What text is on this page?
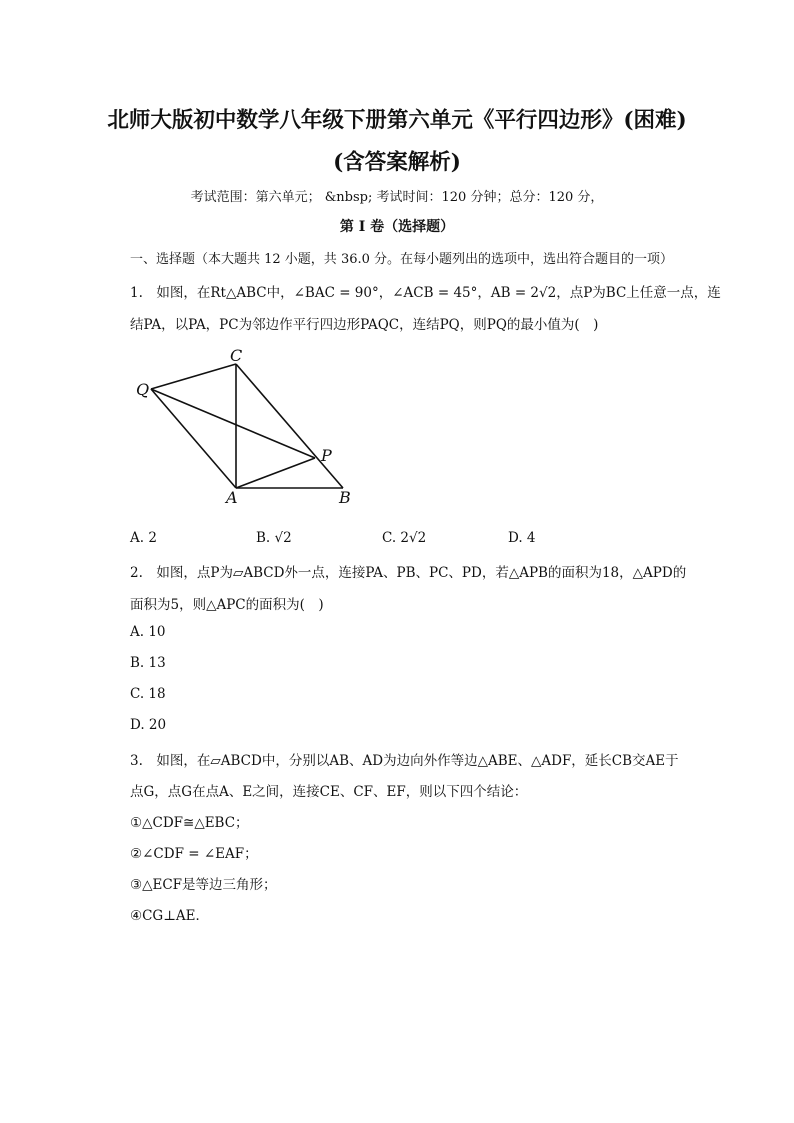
北师大版初中数学八年级下册第六单元《平行四边形》(困难)
(含答案解析)
考试范围：第六单元； &nbsp; 考试时间：120 分钟；总分：120 分，
第 I 卷（选择题）
一、选择题（本大题共 12 小题，共 36.0 分。在每小题列出的选项中，选出符合题目的一项）
1.　如图，在Rt△ABC中，∠BAC = 90°，∠ACB = 45°，AB = 2√2，点P为BC上任意一点，连
结PA，以PA，PC为邻边作平行四边形PAQC，连结PQ，则PQ的最小值为(　)
C
Q
P
A	B
A. 2	B. √2	C. 2√2	D. 4
2.　如图，点P为▱ABCD外一点，连接PA、PB、PC、PD，若△APB的面积为18，△APD的
面积为5，则△APC的面积为(　)
A. 10
B. 13
C. 18
D. 20
3.　如图，在▱ABCD中，分别以AB、AD为边向外作等边△ABE、△ADF，延长CB交AE于
点G，点G在点A、E之间，连接CE、CF、EF，则以下四个结论：
①△CDF≅△EBC；
②∠CDF = ∠EAF；
③△ECF是等边三角形；
④CG⊥AE．
